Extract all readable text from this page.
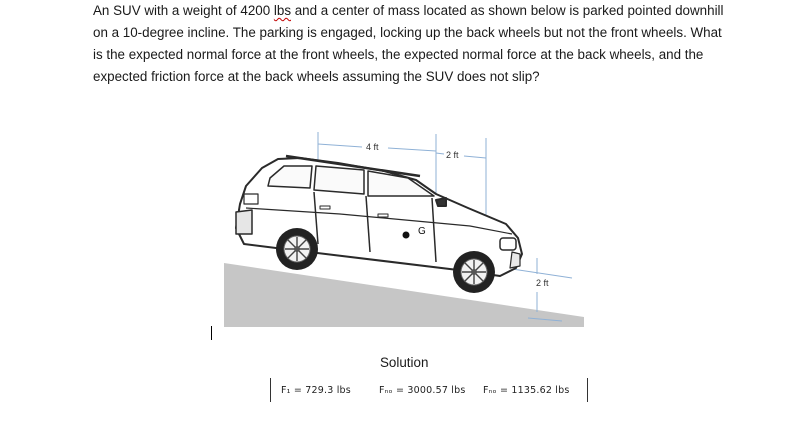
An SUV with a weight of 4200 lbs and a center of mass located as shown below is parked pointed downhill on a 10-degree incline. The parking is engaged, locking up the back wheels but not the front wheels. What is the expected normal force at the front wheels, the expected normal force at the back wheels, and the expected friction force at the back wheels assuming the SUV does not slip?

G
4 ft
2 ft
2 ft
Solution
F₁ = 729.3 lbs	Fₙₒ = 3000.57 lbs Fₙₒ = 1135.62 lbs
